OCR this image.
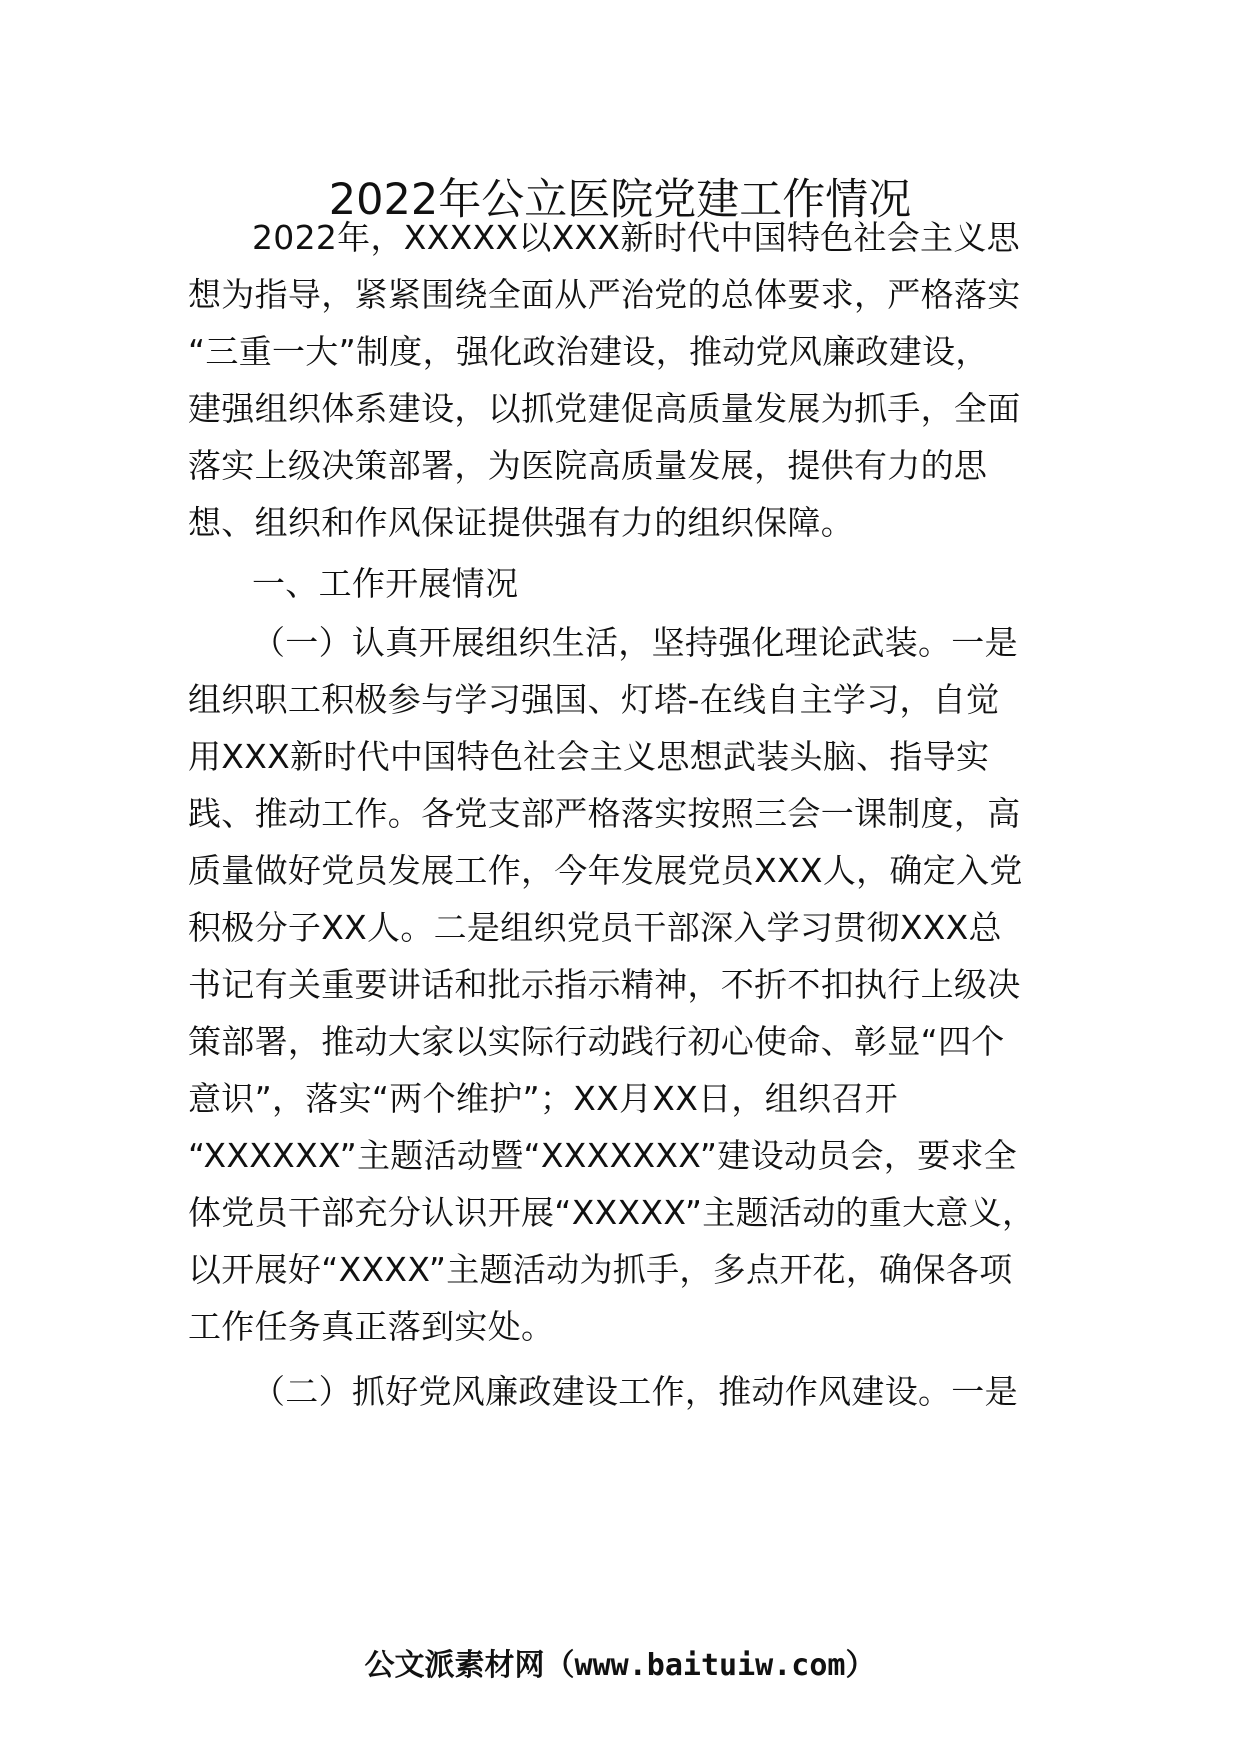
2022年公立医院党建工作情况
2022年，XXXXX以XXX新时代中国特色社会主义思
想为指导，紧紧围绕全面从严治党的总体要求，严格落实
“三重一大”制度，强化政治建设，推动党风廉政建设，
建强组织体系建设，以抓党建促高质量发展为抓手，全面
落实上级决策部署，为医院高质量发展，提供有力的思
想、组织和作风保证提供强有力的组织保障。
一、工作开展情况
（一）认真开展组织生活，坚持强化理论武装。一是
组织职工积极参与学习强国、灯塔-在线自主学习，自觉
用XXX新时代中国特色社会主义思想武装头脑、指导实
践、推动工作。各党支部严格落实按照三会一课制度，高
质量做好党员发展工作，今年发展党员XXX人，确定入党
积极分子XX人。二是组织党员干部深入学习贯彻XXX总
书记有关重要讲话和批示指示精神，不折不扣执行上级决
策部署，推动大家以实际行动践行初心使命、彰显“四个
意识”，落实“两个维护”；XX月XX日，组织召开
“XXXXXX”主题活动暨“XXXXXXX”建设动员会，要求全
体党员干部充分认识开展“XXXXX”主题活动的重大意义，
以开展好“XXXX”主题活动为抓手，多点开花，确保各项
工作任务真正落到实处。
（二）抓好党风廉政建设工作，推动作风建设。一是
公文派素材网（www.baituiw.com）
